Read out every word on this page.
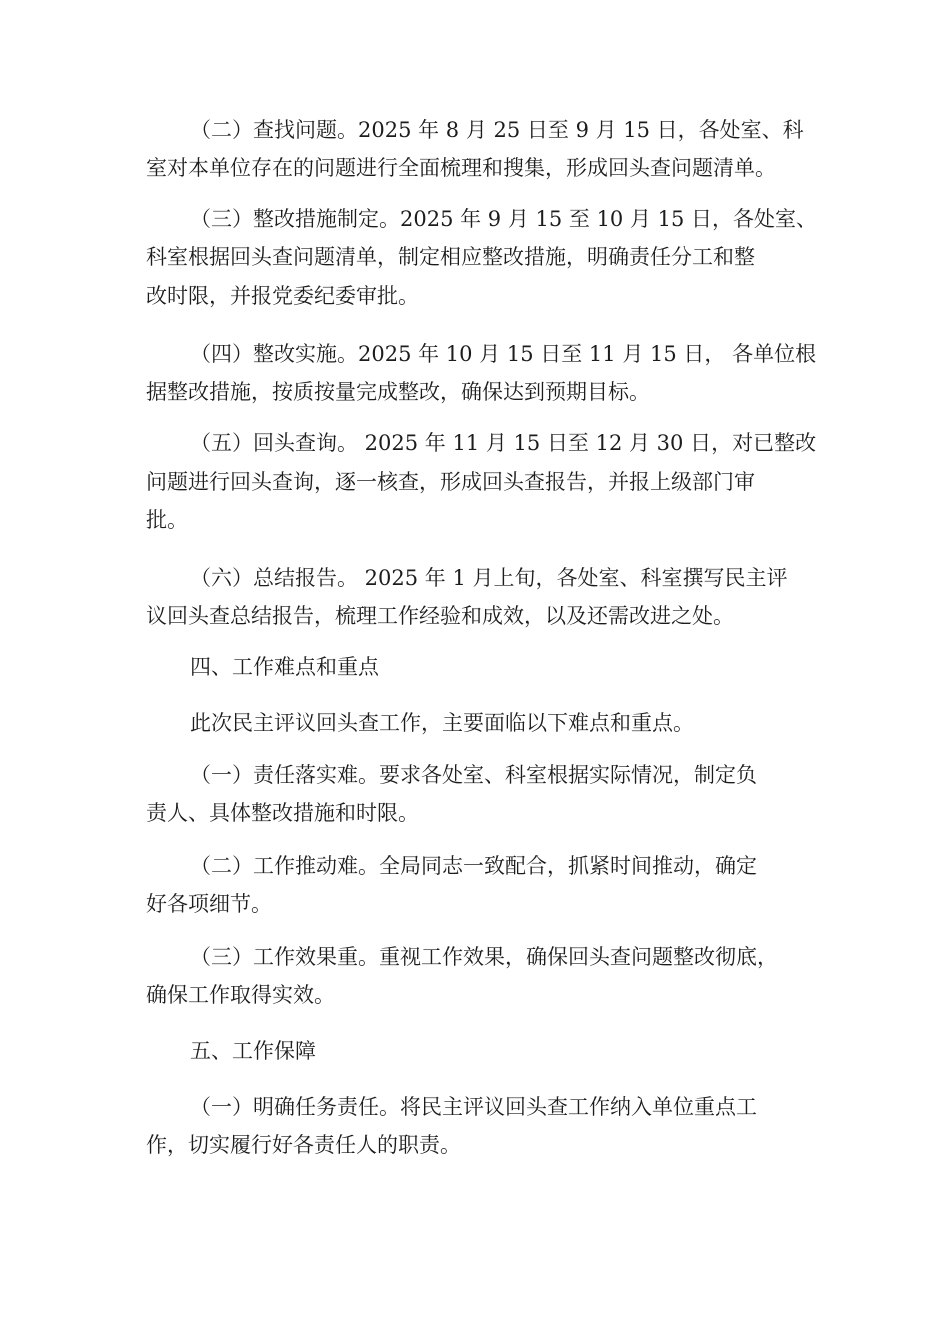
（二）查找问题。2025 年 8 月 25 日至 9 月 15 日，各处室、科
室对本单位存在的问题进行全面梳理和搜集，形成回头查问题清单。
（三）整改措施制定。2025 年 9 月 15 至 10 月 15 日，各处室、
科室根据回头查问题清单，制定相应整改措施，明确责任分工和整
改时限，并报党委纪委审批。
（四）整改实施。2025 年 10 月 15 日至 11 月 15 日， 各单位根
据整改措施，按质按量完成整改，确保达到预期目标。
（五）回头查询。 2025 年 11 月 15 日至 12 月 30 日，对已整改
问题进行回头查询，逐一核查，形成回头查报告，并报上级部门审
批。
（六）总结报告。 2025 年 1 月上旬，各处室、科室撰写民主评
议回头查总结报告，梳理工作经验和成效，以及还需改进之处。
四、工作难点和重点
此次民主评议回头查工作，主要面临以下难点和重点。
（一）责任落实难。要求各处室、科室根据实际情况，制定负
责人、具体整改措施和时限。
（二）工作推动难。全局同志一致配合，抓紧时间推动，确定
好各项细节。
（三）工作效果重。重视工作效果，确保回头查问题整改彻底，
确保工作取得实效。
五、工作保障
（一）明确任务责任。将民主评议回头查工作纳入单位重点工
作，切实履行好各责任人的职责。
